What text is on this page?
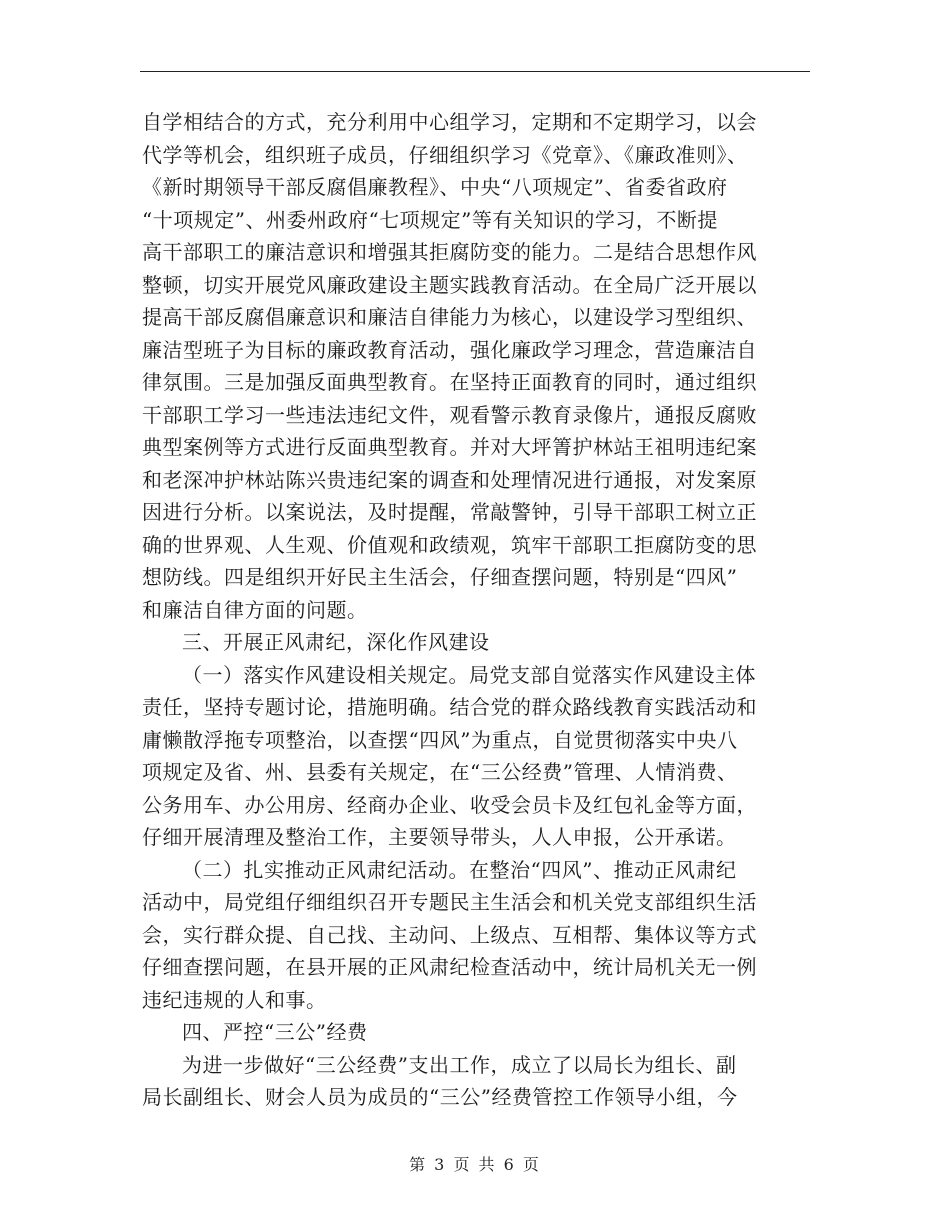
自学相结合的方式，充分利用中心组学习，定期和不定期学习，以会
代学等机会，组织班子成员，仔细组织学习《党章》、《廉政准则》、
《新时期领导干部反腐倡廉教程》、中央“八项规定”、省委省政府
“十项规定”、州委州政府“七项规定”等有关知识的学习，不断提
高干部职工的廉洁意识和增强其拒腐防变的能力。二是结合思想作风
整顿，切实开展党风廉政建设主题实践教育活动。在全局广泛开展以
提高干部反腐倡廉意识和廉洁自律能力为核心，以建设学习型组织、
廉洁型班子为目标的廉政教育活动，强化廉政学习理念，营造廉洁自
律氛围。三是加强反面典型教育。在坚持正面教育的同时，通过组织
干部职工学习一些违法违纪文件，观看警示教育录像片，通报反腐败
典型案例等方式进行反面典型教育。并对大坪箐护林站王祖明违纪案
和老深冲护林站陈兴贵违纪案的调查和处理情况进行通报，对发案原
因进行分析。以案说法，及时提醒，常敲警钟，引导干部职工树立正
确的世界观、人生观、价值观和政绩观，筑牢干部职工拒腐防变的思
想防线。四是组织开好民主生活会，仔细查摆问题，特别是“四风”
和廉洁自律方面的问题。
三、开展正风肃纪，深化作风建设
（一）落实作风建设相关规定。局党支部自觉落实作风建设主体
责任，坚持专题讨论，措施明确。结合党的群众路线教育实践活动和
庸懒散浮拖专项整治，以查摆“四风”为重点，自觉贯彻落实中央八
项规定及省、州、县委有关规定，在“三公经费”管理、人情消费、
公务用车、办公用房、经商办企业、收受会员卡及红包礼金等方面，
仔细开展清理及整治工作，主要领导带头，人人申报，公开承诺。
（二）扎实推动正风肃纪活动。在整治“四风”、推动正风肃纪
活动中，局党组仔细组织召开专题民主生活会和机关党支部组织生活
会，实行群众提、自己找、主动问、上级点、互相帮、集体议等方式
仔细查摆问题，在县开展的正风肃纪检查活动中，统计局机关无一例
违纪违规的人和事。
四、严控“三公”经费
为进一步做好“三公经费”支出工作，成立了以局长为组长、副
局长副组长、财会人员为成员的“三公”经费管控工作领导小组，今
第 3 页 共 6 页
